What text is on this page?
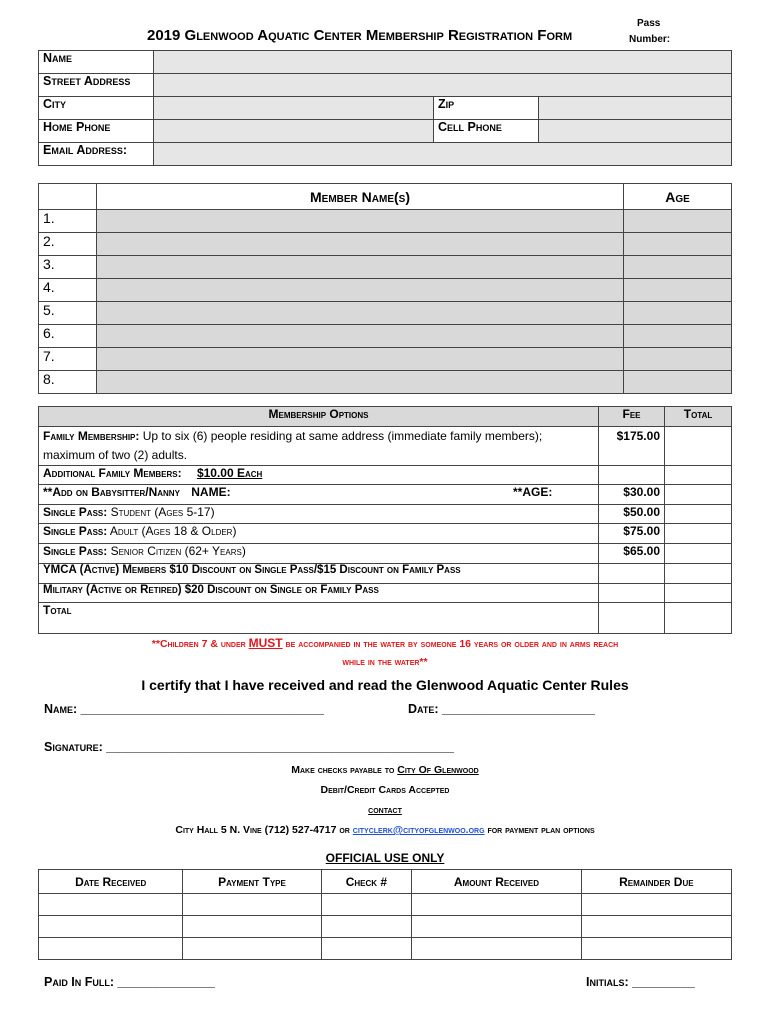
2019 Glenwood Aquatic Center Membership Registration Form
Pass
Number:
Name			
Street Address			
City		Zip	
Home Phone		Cell Phone	
Email Address:			
	Member Name(s)	Age
1.		
2.		
3.		
4.		
5.		
6.		
7.		
8.		
Membership Options	Fee	Total
Family Membership: Up to six (6) people residing at same address (immediate family members); maximum of two (2) adults.	$175.00	
Additional Family Members: $10.00 Each		
**Add on Babysitter/Nanny NAME: **AGE:	$30.00	
Single Pass: Student (Ages 5-17)	$50.00	
Single Pass: Adult (Ages 18 & Older)	$75.00	
Single Pass: Senior Citizen (62+ Years)	$65.00	
YMCA (Active) Members $10 Discount on Single Pass/$15 Discount on Family Pass		
Military (Active or Retired) $20 Discount on Single or Family Pass		
Total		
**Children 7 & under MUST be accompanied in the water by someone 16 years or older and in arms reach
while in the water**
I certify that I have received and read the Glenwood Aquatic Center Rules
Name: ___________________________________	Date: ______________________
Signature: __________________________________________________
Make checks payable to City Of Glenwood
Debit/Credit Cards Accepted
contact
City Hall 5 N. Vine (712) 527-4717 or cityclerk@cityofglenwoo.org for payment plan options
OFFICIAL USE ONLY
Date Received	Payment Type	Check #	Amount Received	Remainder Due

Paid In Full: ______________	Initials: _________
